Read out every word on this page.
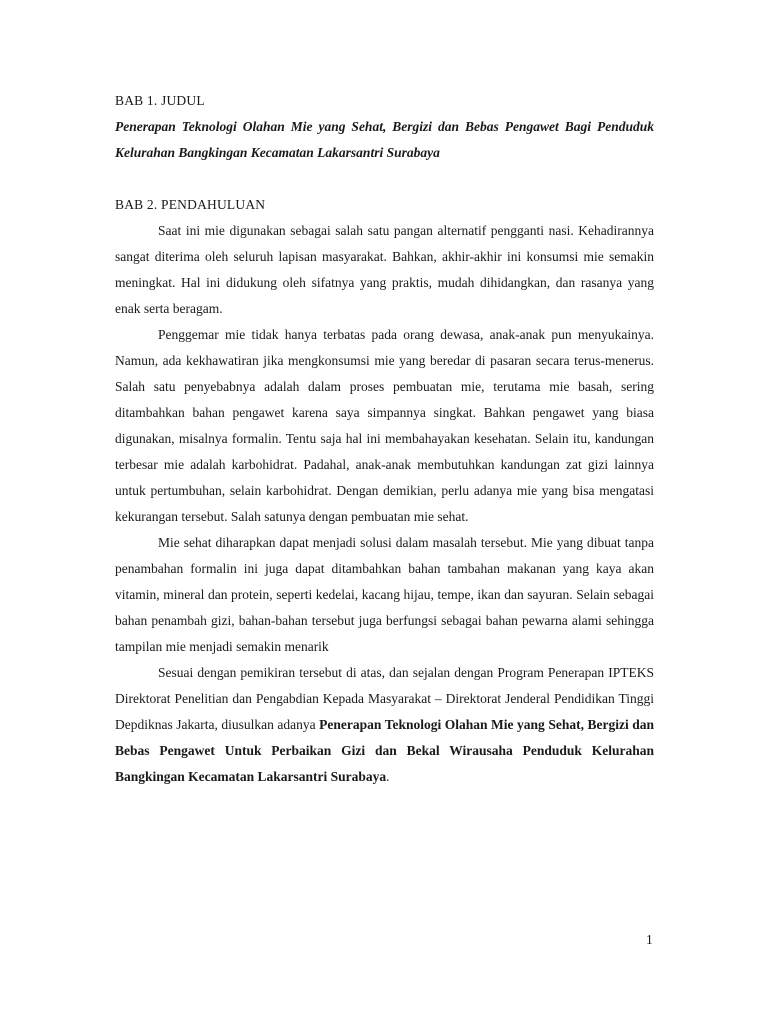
BAB 1. JUDUL

Penerapan Teknologi Olahan Mie yang Sehat, Bergizi dan Bebas Pengawet Bagi Penduduk Kelurahan Bangkingan Kecamatan Lakarsantri Surabaya

BAB 2. PENDAHULUAN

Saat ini mie digunakan sebagai salah satu pangan alternatif pengganti nasi. Kehadirannya sangat diterima oleh seluruh lapisan masyarakat. Bahkan, akhir-akhir ini konsumsi mie semakin meningkat. Hal ini didukung oleh sifatnya yang praktis, mudah dihidangkan, dan rasanya yang enak serta beragam.

Penggemar mie tidak hanya terbatas pada orang dewasa, anak-anak pun menyukainya. Namun, ada kekhawatiran jika mengkonsumsi mie yang beredar di pasaran secara terus-menerus. Salah satu penyebabnya adalah dalam proses pembuatan mie, terutama mie basah, sering ditambahkan bahan pengawet karena saya simpannya singkat. Bahkan pengawet yang biasa digunakan, misalnya formalin. Tentu saja hal ini membahayakan kesehatan. Selain itu, kandungan terbesar mie adalah karbohidrat. Padahal, anak-anak membutuhkan kandungan zat gizi lainnya untuk pertumbuhan, selain karbohidrat. Dengan demikian, perlu adanya mie yang bisa mengatasi kekurangan tersebut. Salah satunya dengan pembuatan mie sehat.

Mie sehat diharapkan dapat menjadi solusi dalam masalah tersebut. Mie yang dibuat tanpa penambahan formalin ini juga dapat ditambahkan bahan tambahan makanan yang kaya akan vitamin, mineral dan protein, seperti kedelai, kacang hijau, tempe, ikan dan sayuran. Selain sebagai bahan penambah gizi, bahan-bahan tersebut juga berfungsi sebagai bahan pewarna alami sehingga tampilan mie menjadi semakin menarik

Sesuai dengan pemikiran tersebut di atas, dan sejalan dengan Program Penerapan IPTEKS Direktorat Penelitian dan Pengabdian Kepada Masyarakat – Direktorat Jenderal Pendidikan Tinggi Depdiknas Jakarta, diusulkan adanya Penerapan Teknologi Olahan Mie yang Sehat, Bergizi dan Bebas Pengawet Untuk Perbaikan Gizi dan Bekal Wirausaha Penduduk Kelurahan Bangkingan Kecamatan Lakarsantri Surabaya.

1
